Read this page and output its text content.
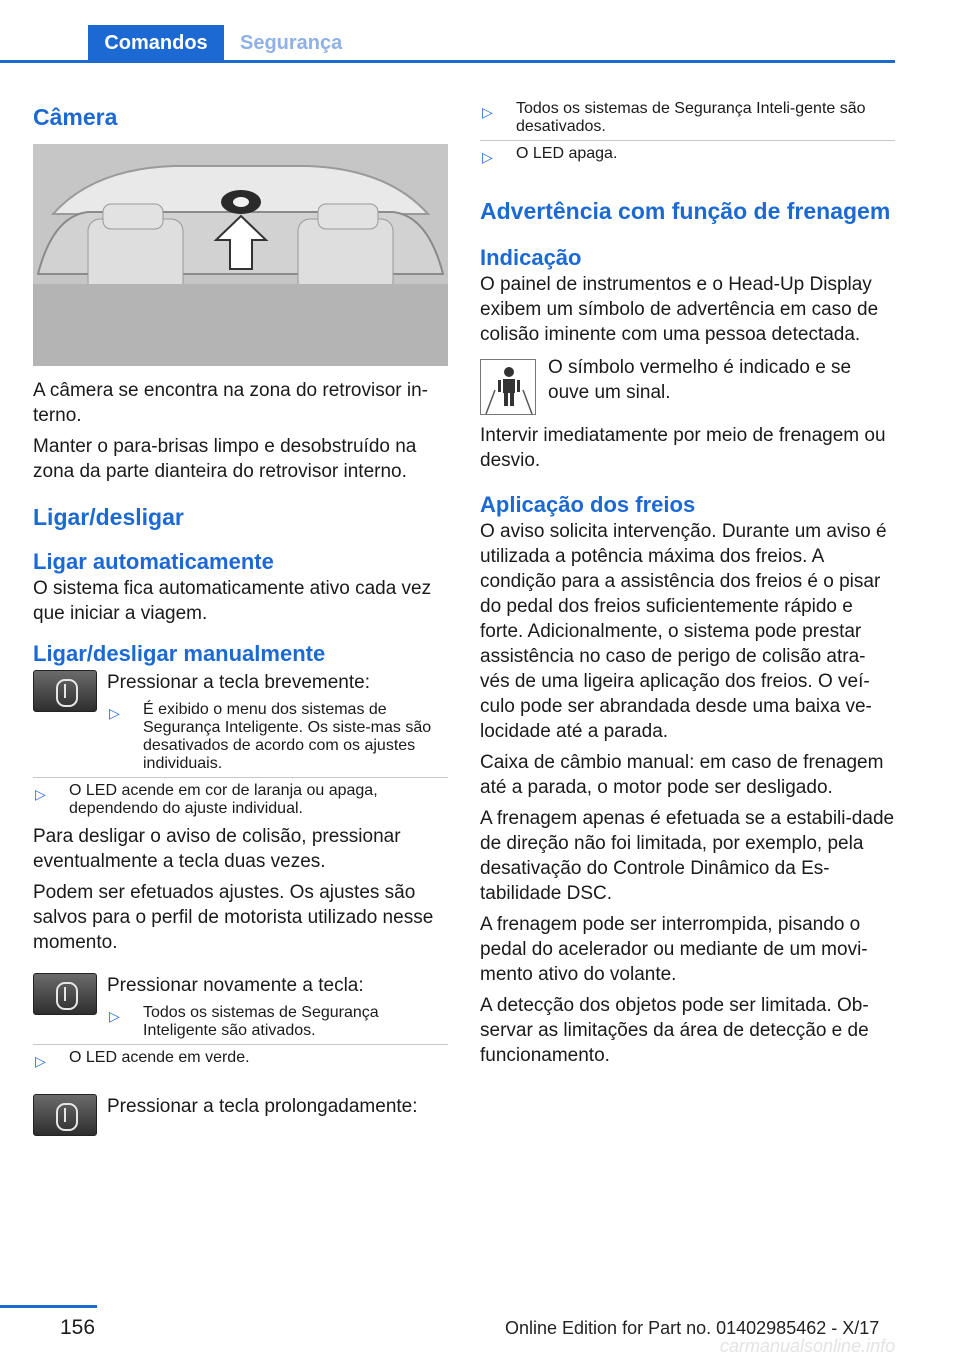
Comandos	Segurança
Câmera

A câmera se encontra na zona do retrovisor in-terno.

Manter o para-brisas limpo e desobstruído na zona da parte dianteira do retrovisor interno.

Ligar/desligar
Ligar automaticamente

O sistema fica automaticamente ativo cada vez que iniciar a viagem.

Ligar/desligar manualmente

Pressionar a tecla brevemente:

▷	É exibido o menu dos sistemas de Segurança Inteligente. Os siste-mas são desativados de acordo com os ajustes individuais.
▷	O LED acende em cor de laranja ou apaga, dependendo do ajuste individual.

Para desligar o aviso de colisão, pressionar eventualmente a tecla duas vezes.

Podem ser efetuados ajustes. Os ajustes são salvos para o perfil de motorista utilizado nesse momento.

Pressionar novamente a tecla:

▷	Todos os sistemas de Segurança Inteligente são ativados.
▷	O LED acende em verde.

Pressionar a tecla prolongadamente:

▷	Todos os sistemas de Segurança Inteli-gente são desativados.
▷	O LED apaga.
Advertência com função de frenagem
Indicação

O painel de instrumentos e o Head-Up Display exibem um símbolo de advertência em caso de colisão iminente com uma pessoa detectada.

O símbolo vermelho é indicado e se ouve um sinal.

Intervir imediatamente por meio de frenagem ou desvio.

Aplicação dos freios

O aviso solicita intervenção. Durante um aviso é utilizada a potência máxima dos freios. A condição para a assistência dos freios é o pisar do pedal dos freios suficientemente rápido e forte. Adicionalmente, o sistema pode prestar assistência no caso de perigo de colisão atra-vés de uma ligeira aplicação dos freios. O veí-culo pode ser abrandada desde uma baixa ve-locidade até a parada.

Caixa de câmbio manual: em caso de frenagem até a parada, o motor pode ser desligado.

A frenagem apenas é efetuada se a estabili-dade de direção não foi limitada, por exemplo, pela desativação do Controle Dinâmico da Es-tabilidade DSC.

A frenagem pode ser interrompida, pisando o pedal do acelerador ou mediante de um movi-mento ativo do volante.

A detecção dos objetos pode ser limitada. Ob-servar as limitações da área de detecção e de funcionamento.

156	Online Edition for Part no. 01402985462 - X/17
carmanualsonline.info
